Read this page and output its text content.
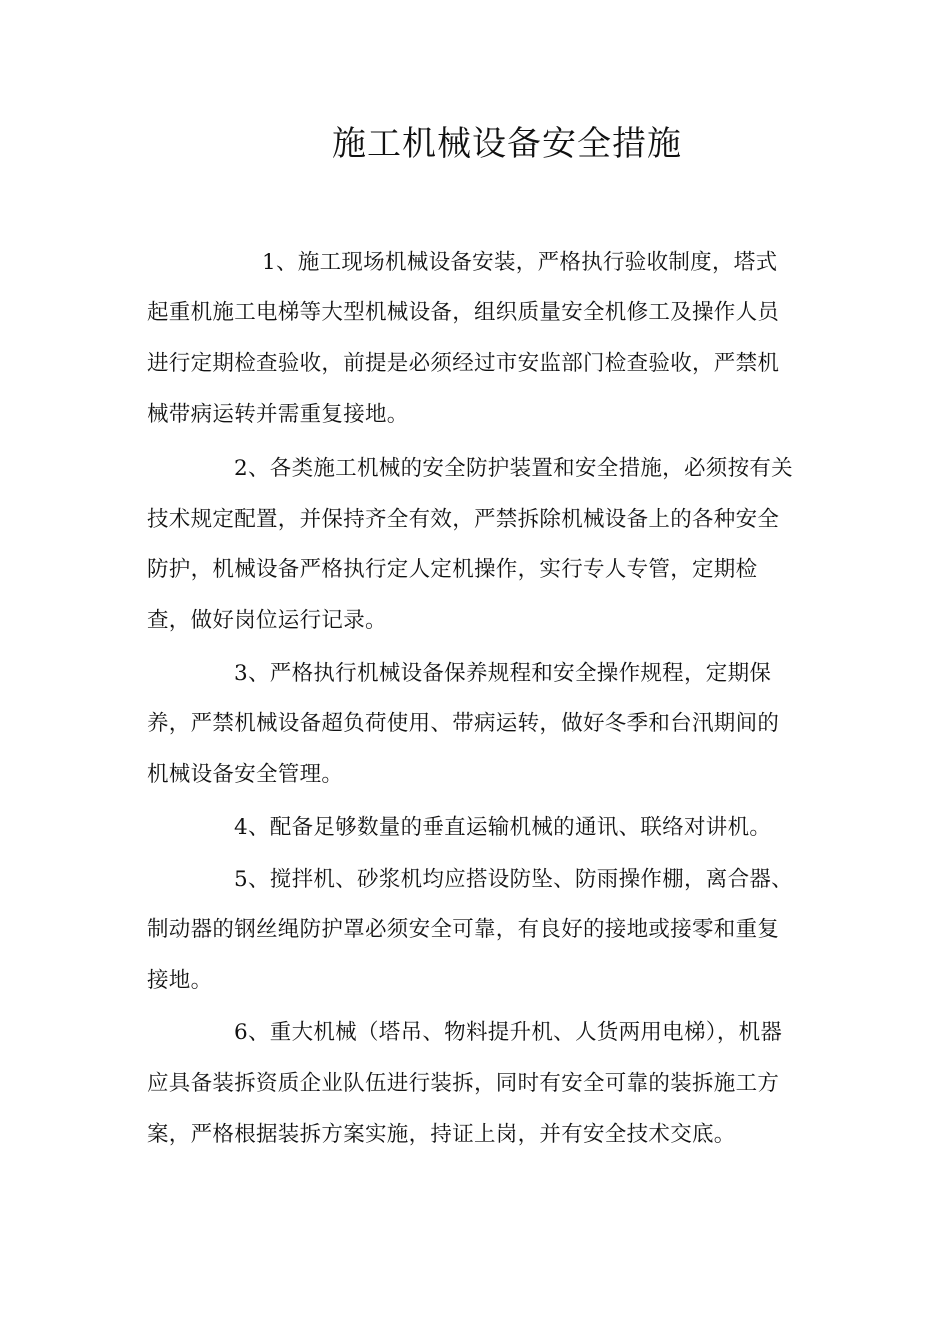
施工机械设备安全措施

1、施工现场机械设备安装，严格执行验收制度，塔式

起重机施工电梯等大型机械设备，组织质量安全机修工及操作人员

进行定期检查验收，前提是必须经过市安监部门检查验收，严禁机

械带病运转并需重复接地。

2、各类施工机械的安全防护装置和安全措施，必须按有关

技术规定配置，并保持齐全有效，严禁拆除机械设备上的各种安全

防护，机械设备严格执行定人定机操作，实行专人专管，定期检

查，做好岗位运行记录。

3、严格执行机械设备保养规程和安全操作规程，定期保

养，严禁机械设备超负荷使用、带病运转，做好冬季和台汛期间的

机械设备安全管理。

4、配备足够数量的垂直运输机械的通讯、联络对讲机。

5、搅拌机、砂浆机均应搭设防坠、防雨操作棚，离合器、

制动器的钢丝绳防护罩必须安全可靠，有良好的接地或接零和重复

接地。

6、重大机械（塔吊、物料提升机、人货两用电梯），机器

应具备装拆资质企业队伍进行装拆，同时有安全可靠的装拆施工方

案，严格根据装拆方案实施，持证上岗，并有安全技术交底。
